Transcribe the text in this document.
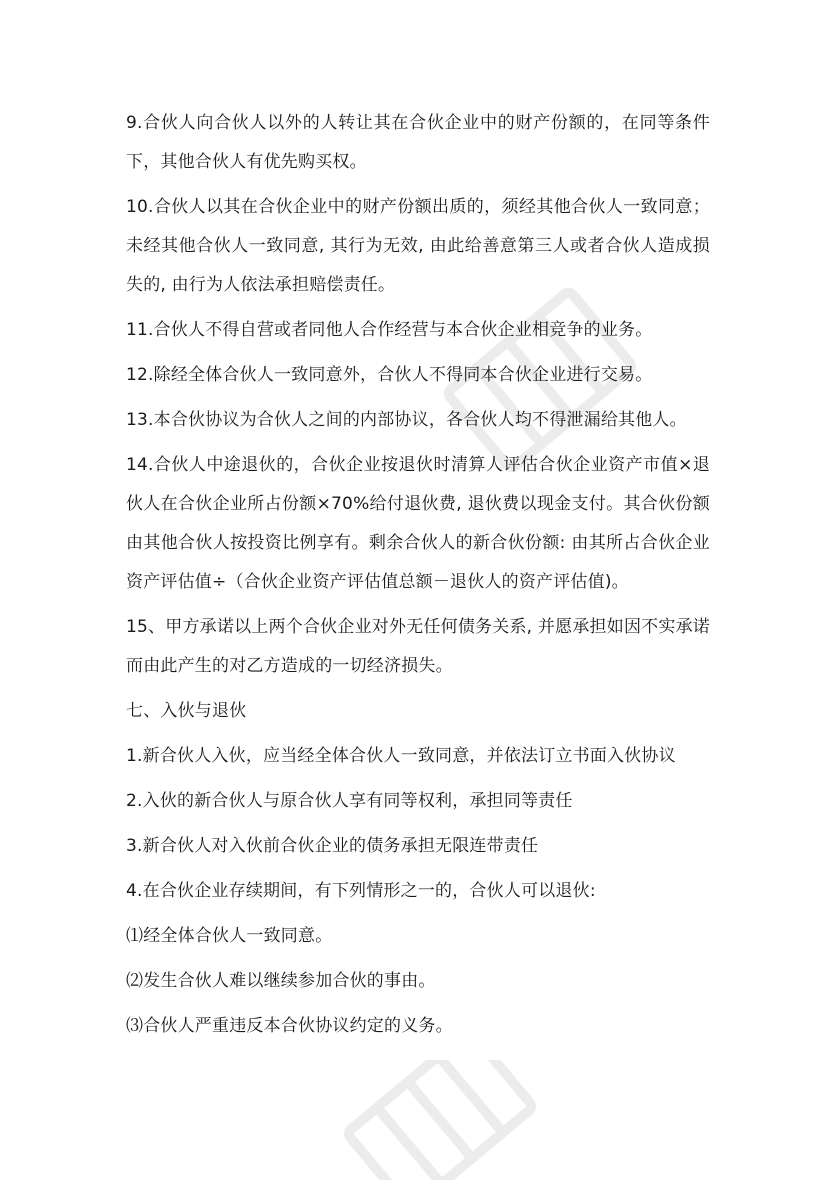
9.合伙人向合伙人以外的人转让其在合伙企业中的财产份额的，在同等条件下，其他合伙人有优先购买权。

10.合伙人以其在合伙企业中的财产份额出质的，须经其他合伙人一致同意；未经其他合伙人一致同意, 其行为无效, 由此给善意第三人或者合伙人造成损失的, 由行为人依法承担赔偿责任。

11.合伙人不得自营或者同他人合作经营与本合伙企业相竞争的业务。

12.除经全体合伙人一致同意外，合伙人不得同本合伙企业进行交易。

13.本合伙协议为合伙人之间的内部协议，各合伙人均不得泄漏给其他人。

14.合伙人中途退伙的，合伙企业按退伙时清算人评估合伙企业资产市值×退伙人在合伙企业所占份额×70%给付退伙费, 退伙费以现金支付。其合伙份额由其他合伙人按投资比例享有。剩余合伙人的新合伙份额: 由其所占合伙企业资产评估值÷（合伙企业资产评估值总额－退伙人的资产评估值)。

15、甲方承诺以上两个合伙企业对外无任何债务关系, 并愿承担如因不实承诺而由此产生的对乙方造成的一切经济损失。

七、入伙与退伙

1.新合伙人入伙，应当经全体合伙人一致同意，并依法订立书面入伙协议

2.入伙的新合伙人与原合伙人享有同等权利，承担同等责任

3.新合伙人对入伙前合伙企业的债务承担无限连带责任

4.在合伙企业存续期间，有下列情形之一的，合伙人可以退伙:

⑴经全体合伙人一致同意。

⑵发生合伙人难以继续参加合伙的事由。

⑶合伙人严重违反本合伙协议约定的义务。
